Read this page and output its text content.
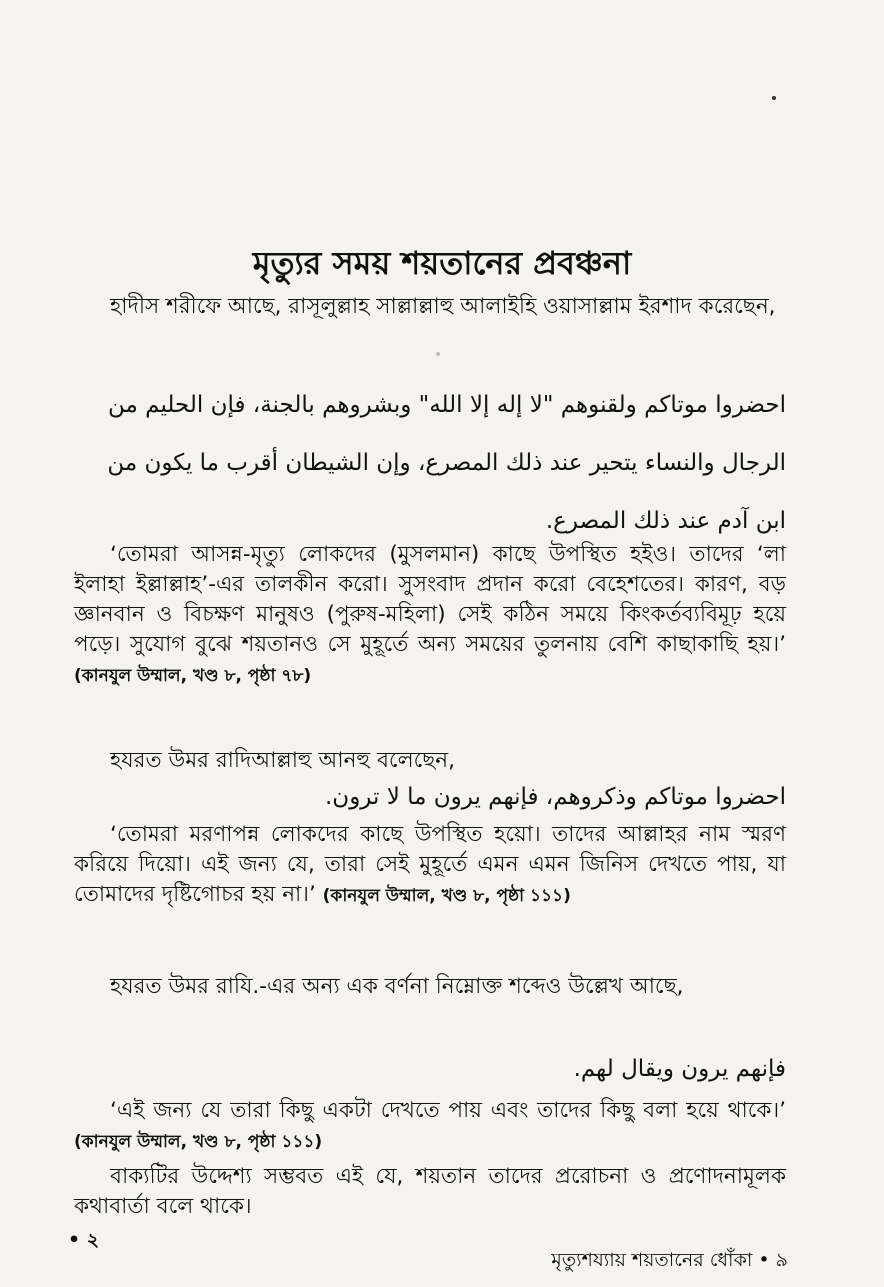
মৃত্যুর সময় শয়তানের প্রবঞ্চনা
হাদীস শরীফে আছে, রাসূলুল্লাহ সাল্লাল্লাহু আলাইহি ওয়াসাল্লাম ইরশাদ করেছেন,
احضروا موتاكم ولقنوهم "لا إله إلا الله" وبشروهم بالجنة، فإن الحليم من الرجال والنساء يتحير عند ذلك المصرع، وإن الشيطان أقرب ما يكون من ابن آدم عند ذلك المصرع.
‘তোমরা আসন্ন-মৃত্যু লোকদের (মুসলমান) কাছে উপস্থিত হইও। তাদের ‘লা ইলাহা ইল্লাল্লাহ’-এর তালকীন করো। সুসংবাদ প্রদান করো বেহেশতের। কারণ, বড় জ্ঞানবান ও বিচক্ষণ মানুষও (পুরুষ-মহিলা) সেই কঠিন সময়ে কিংকর্তব্যবিমূঢ় হয়ে পড়ে। সুযোগ বুঝে শয়তানও সে মুহূর্তে অন্য সময়ের তুলনায় বেশি কাছাকাছি হয়।’ (কানযুল উম্মাল, খণ্ড ৮, পৃষ্ঠা ৭৮)
হযরত উমর রাদিআল্লাহু আনহু বলেছেন,
احضروا موتاكم وذكروهم، فإنهم يرون ما لا ترون.
‘তোমরা মরণাপন্ন লোকদের কাছে উপস্থিত হয়ো। তাদের আল্লাহর নাম স্মরণ করিয়ে দিয়ো। এই জন্য যে, তারা সেই মুহূর্তে এমন এমন জিনিস দেখতে পায়, যা তোমাদের দৃষ্টিগোচর হয় না।’ (কানযুল উম্মাল, খণ্ড ৮, পৃষ্ঠা ১১১)
হযরত উমর রাযি.-এর অন্য এক বর্ণনা নিম্নোক্ত শব্দেও উল্লেখ আছে,
فإنهم يرون ويقال لهم.
‘এই জন্য যে তারা কিছু একটা দেখতে পায় এবং তাদের কিছু বলা হয়ে থাকে।’ (কানযুল উম্মাল, খণ্ড ৮, পৃষ্ঠা ১১১)
বাক্যটির উদ্দেশ্য সম্ভবত এই যে, শয়তান তাদের প্ররোচনা ও প্রণোদনামূলক কথাবার্তা বলে থাকে।
• ২
মৃত্যুশয্যায় শয়তানের ধোঁকা • ৯
